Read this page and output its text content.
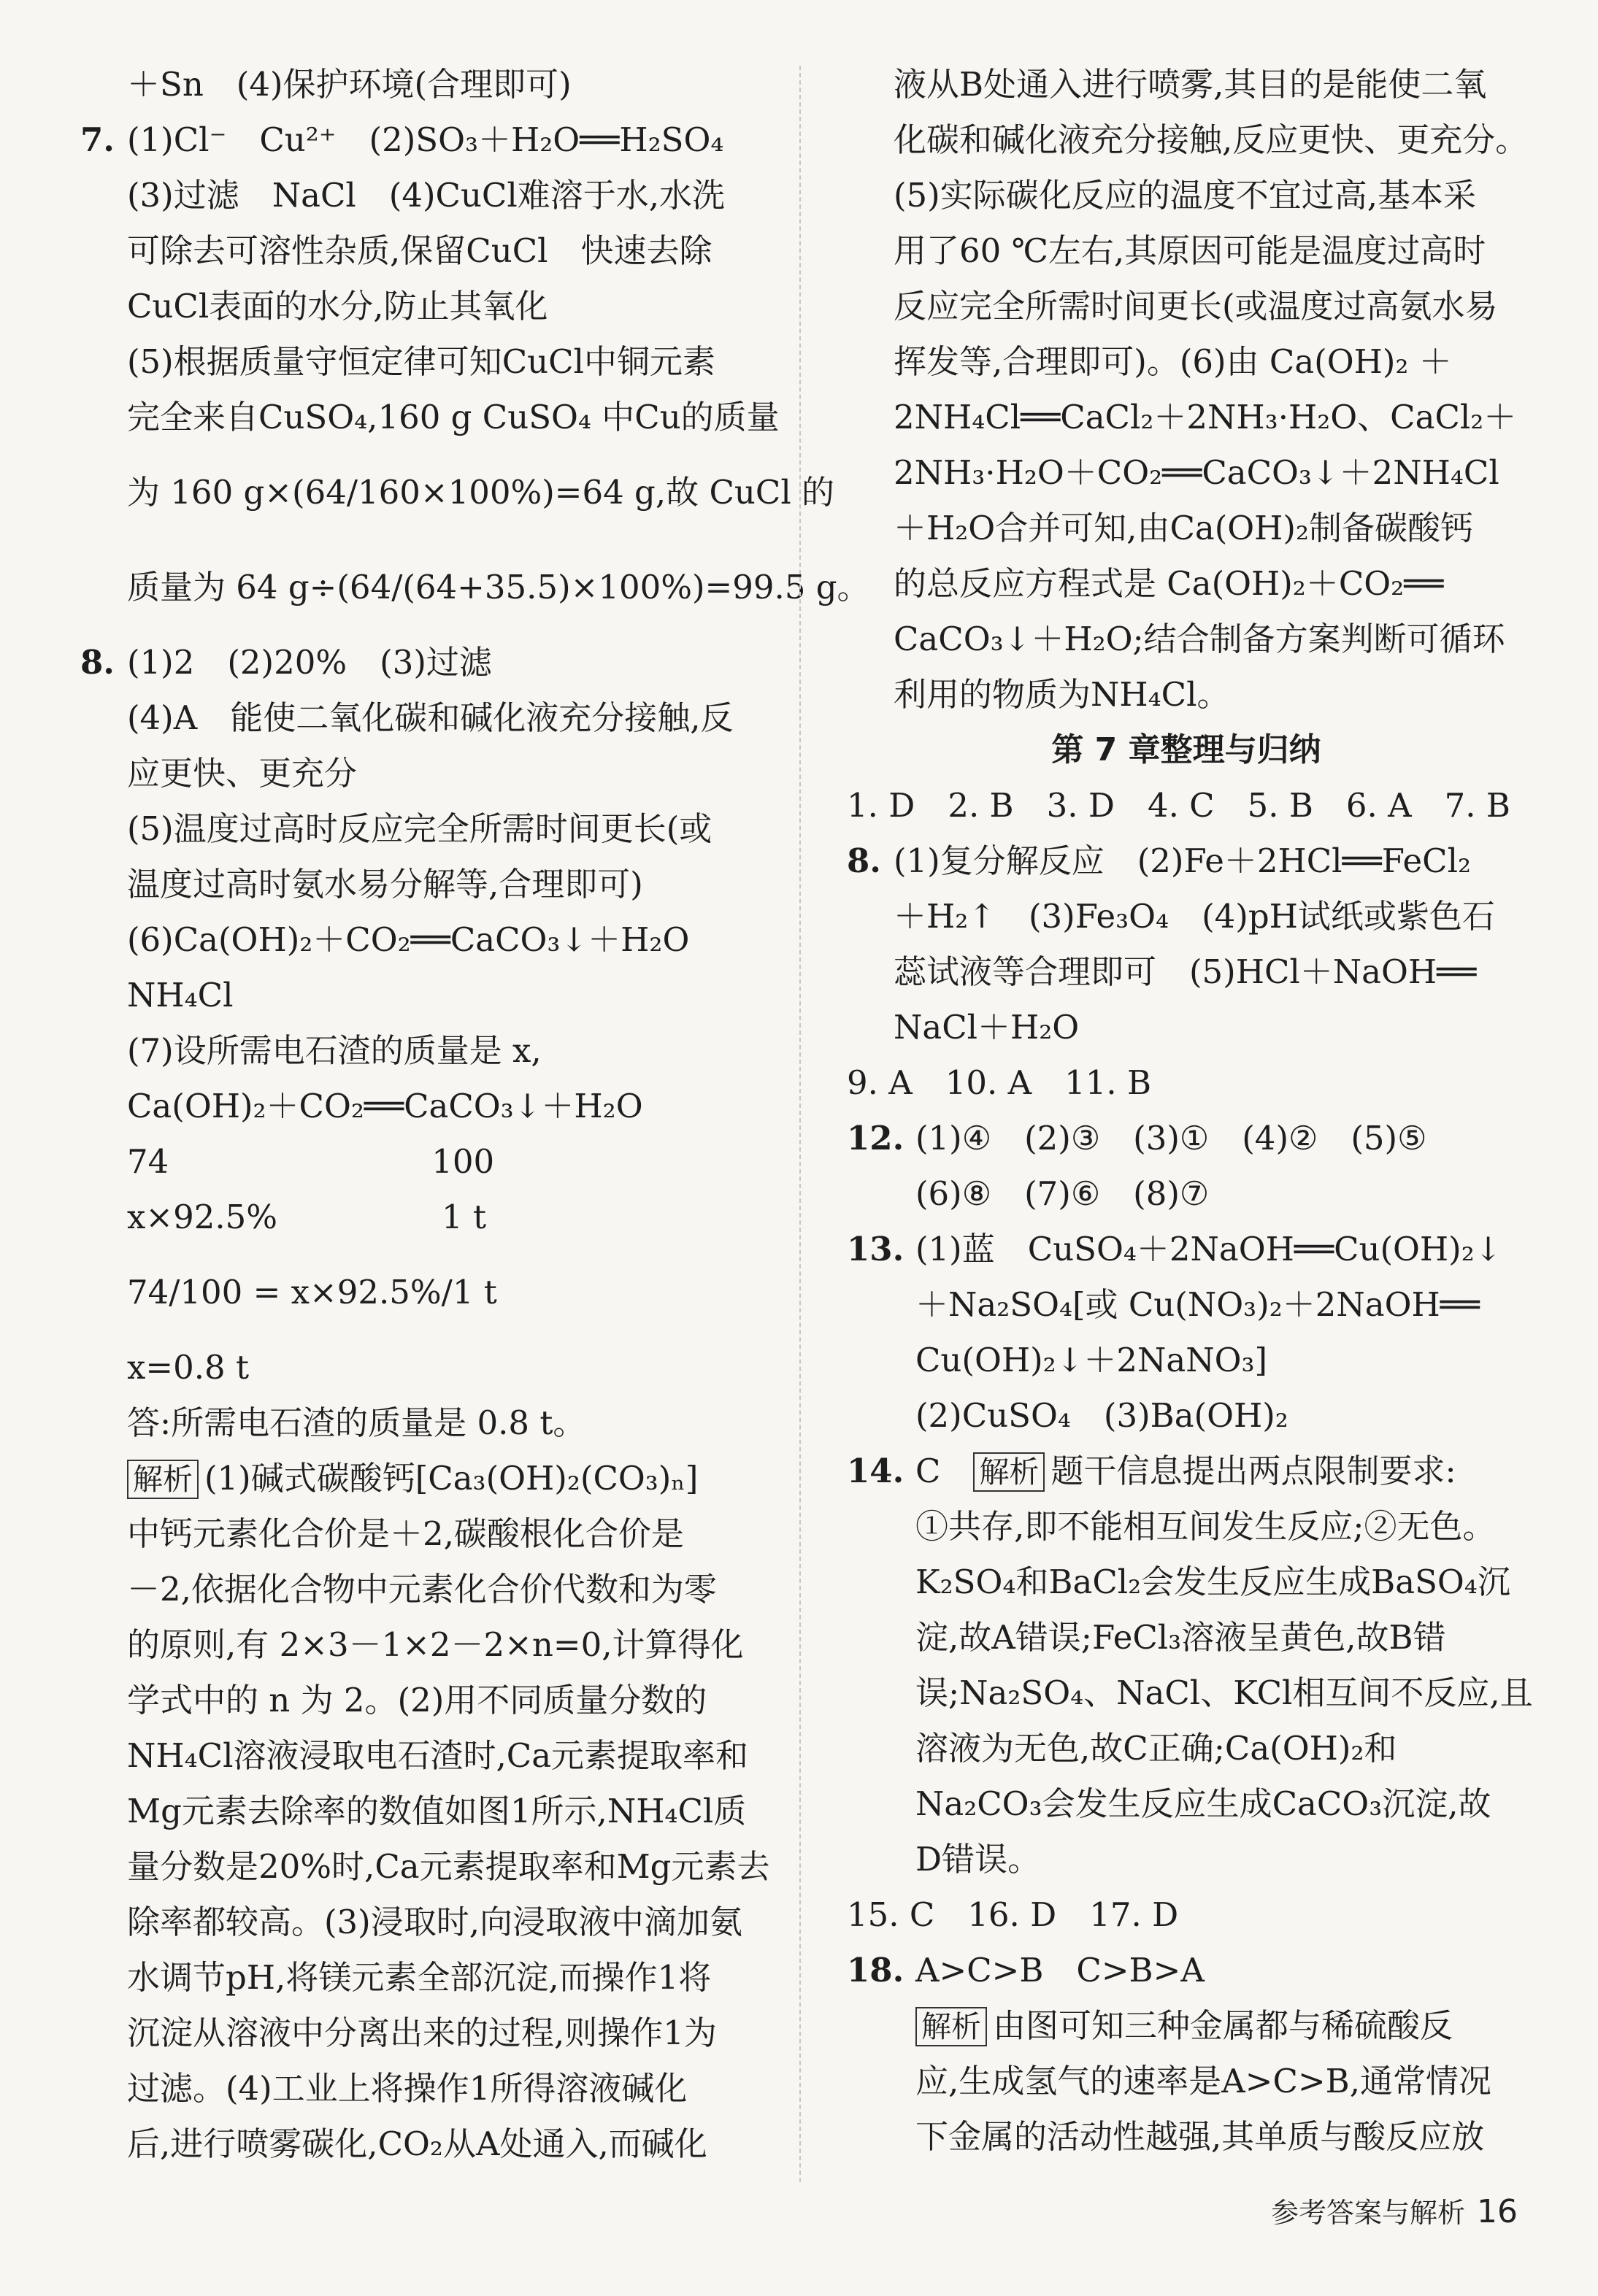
＋Sn　(4)保护环境(合理即可)
7. (1)Cl⁻　Cu²⁺　(2)SO₃＋H₂O══H₂SO₄
(3)过滤　NaCl　(4)CuCl难溶于水,水洗
可除去可溶性杂质,保留CuCl　快速去除
CuCl表面的水分,防止其氧化
(5)根据质量守恒定律可知CuCl中铜元素
完全来自CuSO₄,160 g CuSO₄ 中Cu的质量
为 160 g×(64/160×100%)=64 g,故 CuCl 的
质量为 64 g÷(64/(64+35.5)×100%)=99.5 g。
8. (1)2　(2)20%　(3)过滤
(4)A　能使二氧化碳和碱化液充分接触,反
应更快、更充分
(5)温度过高时反应完全所需时间更长(或
温度过高时氨水易分解等,合理即可)
(6)Ca(OH)₂＋CO₂══CaCO₃↓＋H₂O
NH₄Cl
(7)设所需电石渣的质量是 x,
Ca(OH)₂＋CO₂══CaCO₃↓＋H₂O
74　　　　　　　　100
x×92.5%　　　　　1 t
74/100 = x×92.5%/1 t
x=0.8 t
答:所需电石渣的质量是 0.8 t。
解析 (1)碱式碳酸钙[Ca₃(OH)₂(CO₃)ₙ]
中钙元素化合价是＋2,碳酸根化合价是
－2,依据化合物中元素化合价代数和为零
的原则,有 2×3－1×2－2×n=0,计算得化
学式中的 n 为 2。(2)用不同质量分数的
NH₄Cl溶液浸取电石渣时,Ca元素提取率和
Mg元素去除率的数值如图1所示,NH₄Cl质
量分数是20%时,Ca元素提取率和Mg元素去
除率都较高。(3)浸取时,向浸取液中滴加氨
水调节pH,将镁元素全部沉淀,而操作1将
沉淀从溶液中分离出来的过程,则操作1为
过滤。(4)工业上将操作1所得溶液碱化
后,进行喷雾碳化,CO₂从A处通入,而碱化
液从B处通入进行喷雾,其目的是能使二氧
化碳和碱化液充分接触,反应更快、更充分。
(5)实际碳化反应的温度不宜过高,基本采
用了60 ℃左右,其原因可能是温度过高时
反应完全所需时间更长(或温度过高氨水易
挥发等,合理即可)。(6)由 Ca(OH)₂ ＋
2NH₄Cl══CaCl₂＋2NH₃·H₂O、CaCl₂＋
2NH₃·H₂O＋CO₂══CaCO₃↓＋2NH₄Cl
＋H₂O合并可知,由Ca(OH)₂制备碳酸钙
的总反应方程式是 Ca(OH)₂＋CO₂══
CaCO₃↓＋H₂O;结合制备方案判断可循环
利用的物质为NH₄Cl。
第 7 章整理与归纳
1. D　2. B　3. D　4. C　5. B　6. A　7. B
8. (1)复分解反应　(2)Fe＋2HCl══FeCl₂
＋H₂↑　(3)Fe₃O₄　(4)pH试纸或紫色石
蕊试液等合理即可　(5)HCl＋NaOH══
NaCl＋H₂O
9. A　10. A　11. B
12. (1)④　(2)③　(3)①　(4)②　(5)⑤
(6)⑧　(7)⑥　(8)⑦
13. (1)蓝　CuSO₄＋2NaOH══Cu(OH)₂↓
＋Na₂SO₄[或 Cu(NO₃)₂＋2NaOH══
Cu(OH)₂↓＋2NaNO₃]
(2)CuSO₄　(3)Ba(OH)₂
14. C　解析 题干信息提出两点限制要求:
①共存,即不能相互间发生反应;②无色。
K₂SO₄和BaCl₂会发生反应生成BaSO₄沉
淀,故A错误;FeCl₃溶液呈黄色,故B错
误;Na₂SO₄、NaCl、KCl相互间不反应,且
溶液为无色,故C正确;Ca(OH)₂和
Na₂CO₃会发生反应生成CaCO₃沉淀,故
D错误。
15. C　16. D　17. D
18. A>C>B　C>B>A
解析 由图可知三种金属都与稀硫酸反
应,生成氢气的速率是A>C>B,通常情况
下金属的活动性越强,其单质与酸反应放
参考答案与解析 16
